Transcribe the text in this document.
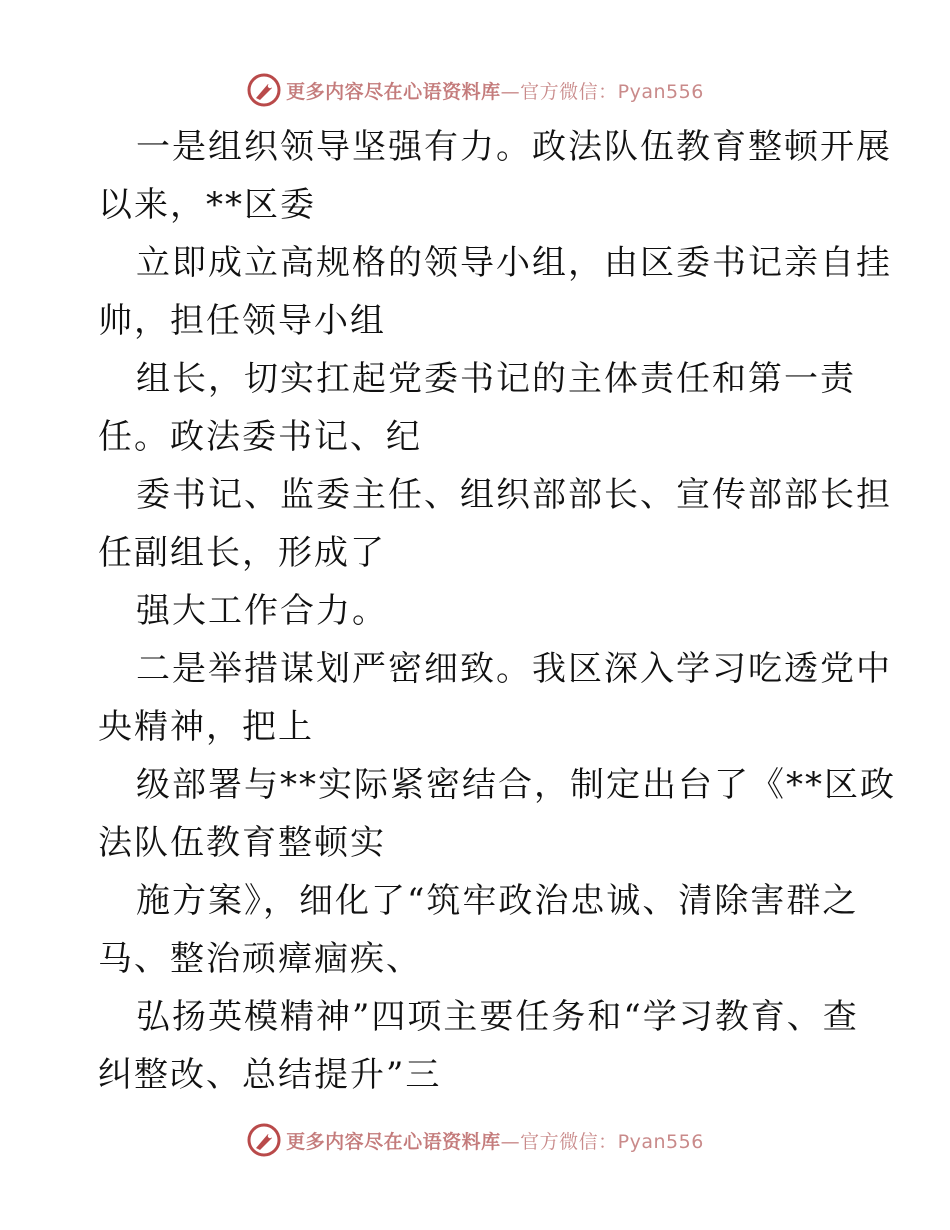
更多内容尽在心语资料库—官方微信：Pyan556
一是组织领导坚强有力。政法队伍教育整顿开展
以来，**区委
立即成立高规格的领导小组，由区委书记亲自挂
帅，担任领导小组
组长，切实扛起党委书记的主体责任和第一责
任。政法委书记、纪
委书记、监委主任、组织部部长、宣传部部长担
任副组长，形成了
强大工作合力。
二是举措谋划严密细致。我区深入学习吃透党中
央精神，把上
级部署与**实际紧密结合，制定出台了《**区政
法队伍教育整顿实
施方案》，细化了“筑牢政治忠诚、清除害群之
马、整治顽瘴痼疾、
弘扬英模精神”四项主要任务和“学习教育、查
纠整改、总结提升”三
更多内容尽在心语资料库—官方微信：Pyan556
